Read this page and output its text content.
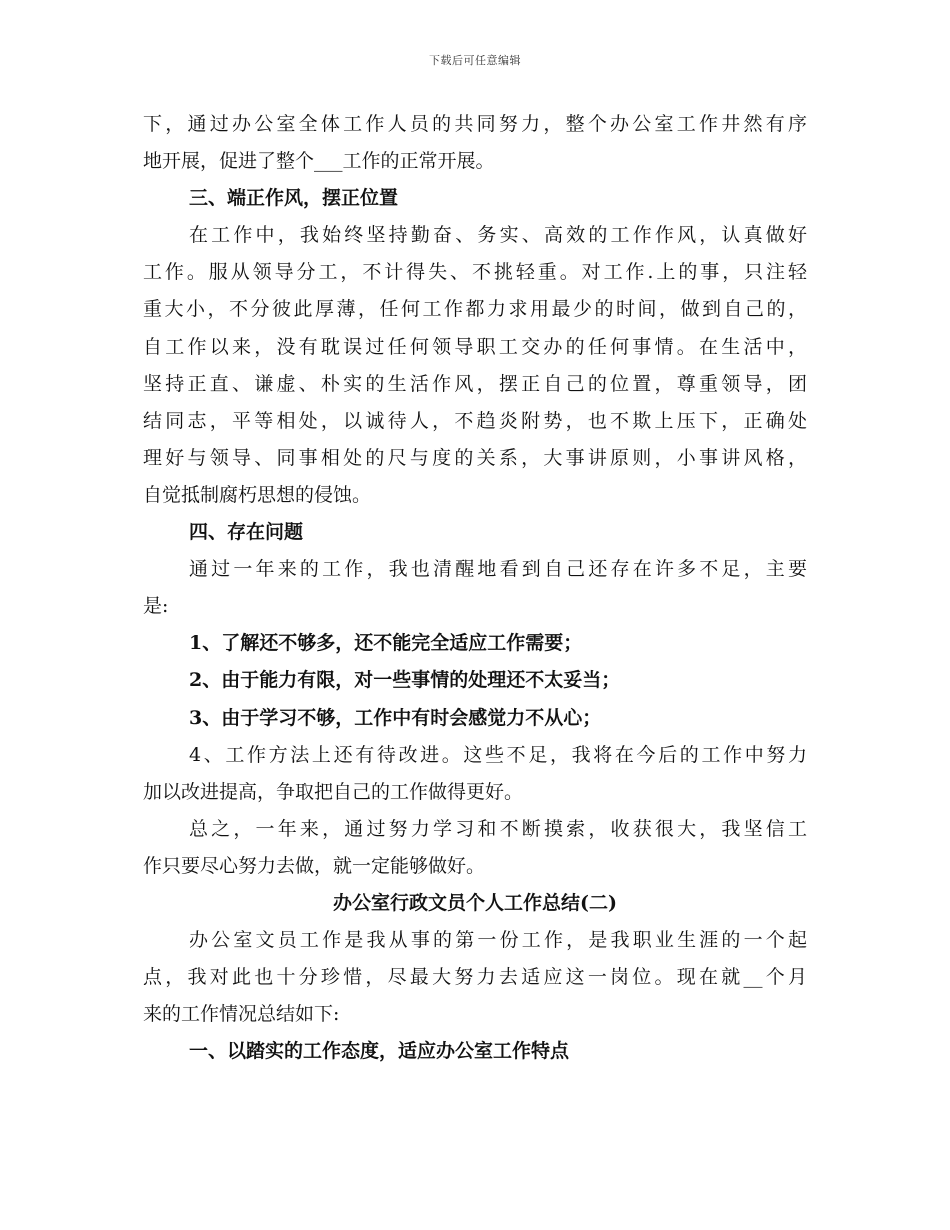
下载后可任意编辑
下，通过办公室全体工作人员的共同努力，整个办公室工作井然有序
地开展，促进了整个___工作的正常开展。
三、端正作风，摆正位置
在工作中，我始终坚持勤奋、务实、高效的工作作风，认真做好
工作。服从领导分工，不计得失、不挑轻重。对工作.上的事，只注轻
重大小，不分彼此厚薄，任何工作都力求用最少的时间，做到自己的，
自工作以来，没有耽误过任何领导职工交办的任何事情。在生活中，
坚持正直、谦虚、朴实的生活作风，摆正自己的位置，尊重领导，团
结同志，平等相处，以诚待人，不趋炎附势，也不欺上压下，正确处
理好与领导、同事相处的尺与度的关系，大事讲原则，小事讲风格，
自觉抵制腐朽思想的侵蚀。
四、存在问题
通过一年来的工作，我也清醒地看到自己还存在许多不足，主要
是:
1、了解还不够多，还不能完全适应工作需要；
2、由于能力有限，对一些事情的处理还不太妥当；
3、由于学习不够，工作中有时会感觉力不从心；
4、工作方法上还有待改进。这些不足，我将在今后的工作中努力
加以改进提高，争取把自己的工作做得更好。
总之，一年来，通过努力学习和不断摸索，收获很大，我坚信工
作只要尽心努力去做，就一定能够做好。
办公室行政文员个人工作总结(二)
办公室文员工作是我从事的第一份工作，是我职业生涯的一个起
点，我对此也十分珍惜，尽最大努力去适应这一岗位。现在就__个月
来的工作情况总结如下:
一、以踏实的工作态度，适应办公室工作特点
